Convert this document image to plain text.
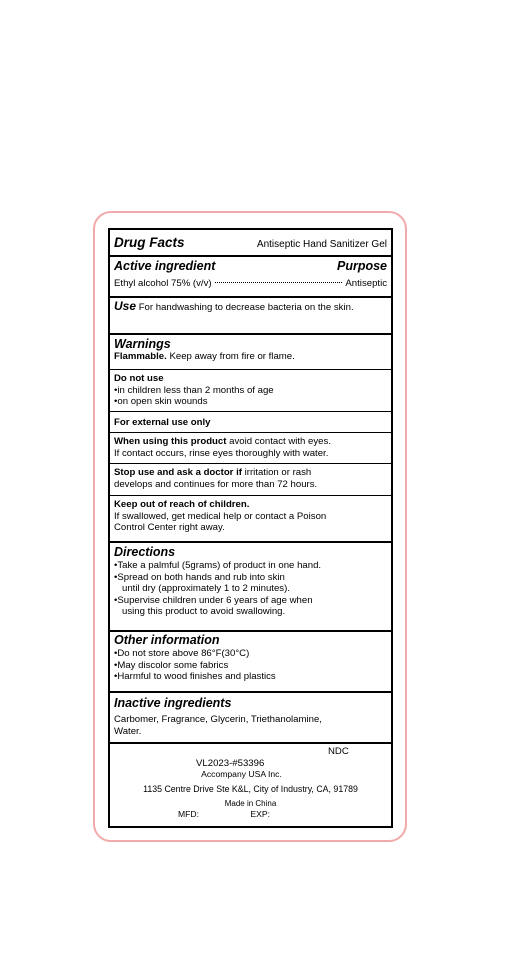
Drug Facts	Antiseptic Hand Sanitizer Gel
Active ingredient	Purpose
Ethyl alcohol 75% (v/v)	Antiseptic
Use For handwashing to decrease bacteria on the skin.
Warnings
Flammable. Keep away from fire or flame.
Do not use
• in children less than 2 months of age
• on open skin wounds
For external use only
When using this product avoid contact with eyes.
If contact occurs, rinse eyes thoroughly with water.
Stop use and ask a doctor if irritation or rash
develops and continues for more than 72 hours.
Keep out of reach of children.
If swallowed, get medical help or contact a Poison
Control Center right away.
Directions
• Take a palmful (5grams) of product in one hand.
• Spread on both hands and rub into skin
until dry (approximately 1 to 2 minutes).
• Supervise children under 6 years of age when
using this product to avoid swallowing.
Other information
• Do not store above 86°F(30°C)
• May discolor some fabrics
• Harmful to wood finishes and plastics
Inactive ingredients
Carbomer, Fragrance, Glycerin, Triethanolamine,
Water.
NDC
VL2023-#53396
Accompany USA Inc.
1135 Centre Drive Ste K&L, City of Industry, CA, 91789
Made in China
MFD:	EXP:
